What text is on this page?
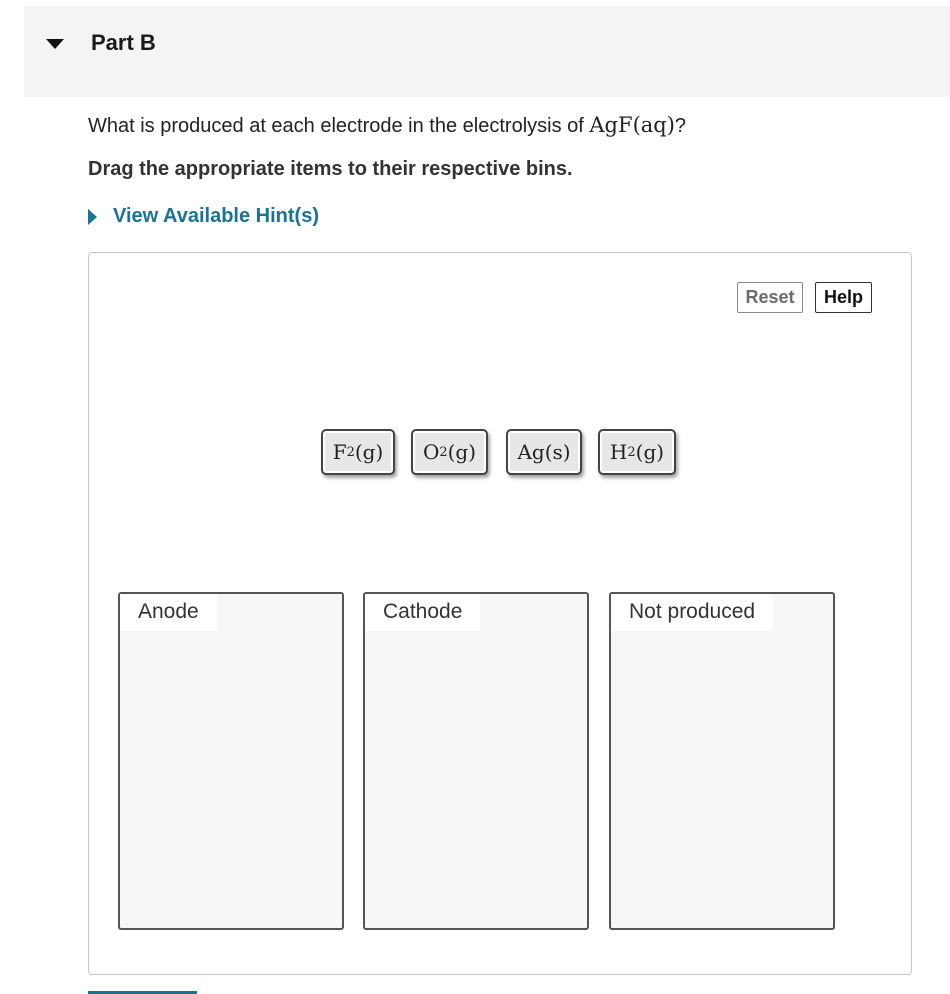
Part B
What is produced at each electrode in the electrolysis of AgF(aq)?
Drag the appropriate items to their respective bins.
View Available Hint(s)
Reset	Help
F 2 (g) O 2 (g) Ag (s) H 2 (g)
Anode	Cathode	Not produced
